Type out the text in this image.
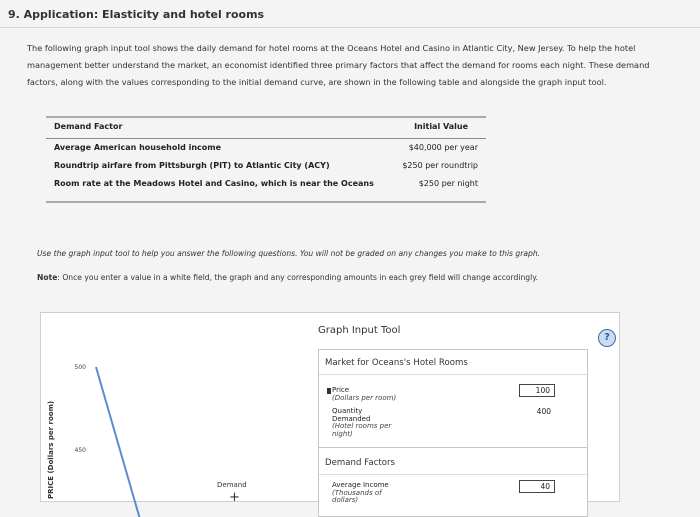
9. Application: Elasticity and hotel rooms
The following graph input tool shows the daily demand for hotel rooms at the Oceans Hotel and Casino in Atlantic City, New Jersey. To help the hotel management better understand the market, an economist identified three primary factors that affect the demand for rooms each night. These demand factors, along with the values corresponding to the initial demand curve, are shown in the following table and alongside the graph input tool.
Demand Factor	Initial Value
Average American household income	$40,000 per year
Roundtrip airfare from Pittsburgh (PIT) to Atlantic City (ACY)	$250 per roundtrip
Room rate at the Meadows Hotel and Casino, which is near the Oceans	$250 per night
Use the graph input tool to help you answer the following questions. You will not be graded on any changes you make to this graph.
Note: Once you enter a value in a white field, the graph and any corresponding amounts in each grey field will change accordingly.
450
500
Demand
+
PRICE (Dollars per room)
Graph Input Tool
?
Market for Oceans's Hotel Rooms
Price
(Dollars per room)
100
Quantity
Demanded
(Hotel rooms per
night)
400
Demand Factors
Average Income
(Thousands of
dollars)
40
